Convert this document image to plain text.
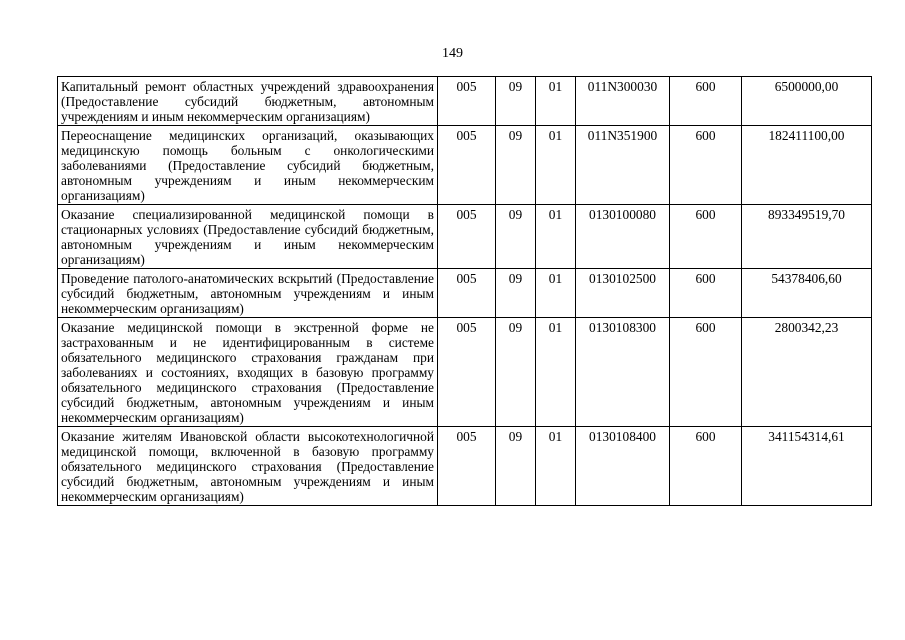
149
Капитальный ремонт областных учреждений здравоохранения (Предоставление субсидий бюджетным, автономным учреждениям и иным некоммерческим организациям)	005	09	01	011N300030	600	6500000,00
Переоснащение медицинских организаций, оказывающих медицинскую помощь больным с онкологическими заболеваниями (Предоставление субсидий бюджетным, автономным учреждениям и иным некоммерческим организациям)	005	09	01	011N351900	600	182411100,00
Оказание специализированной медицинской помощи в стационарных условиях (Предоставление субсидий бюджетным, автономным учреждениям и иным некоммерческим организациям)	005	09	01	0130100080	600	893349519,70
Проведение патолого-анатомических вскрытий (Предоставление субсидий бюджетным, автономным учреждениям и иным некоммерческим организациям)	005	09	01	0130102500	600	54378406,60
Оказание медицинской помощи в экстренной форме не застрахованным и не идентифицированным в системе обязательного медицинского страхования гражданам при заболеваниях и состояниях, входящих в базовую программу обязательного медицинского страхования (Предоставление субсидий бюджетным, автономным учреждениям и иным некоммерческим организациям)	005	09	01	0130108300	600	2800342,23
Оказание жителям Ивановской области высокотехнологичной медицинской помощи, включенной в базовую программу обязательного медицинского страхования (Предоставление субсидий бюджетным, автономным учреждениям и иным некоммерческим организациям)	005	09	01	0130108400	600	341154314,61
